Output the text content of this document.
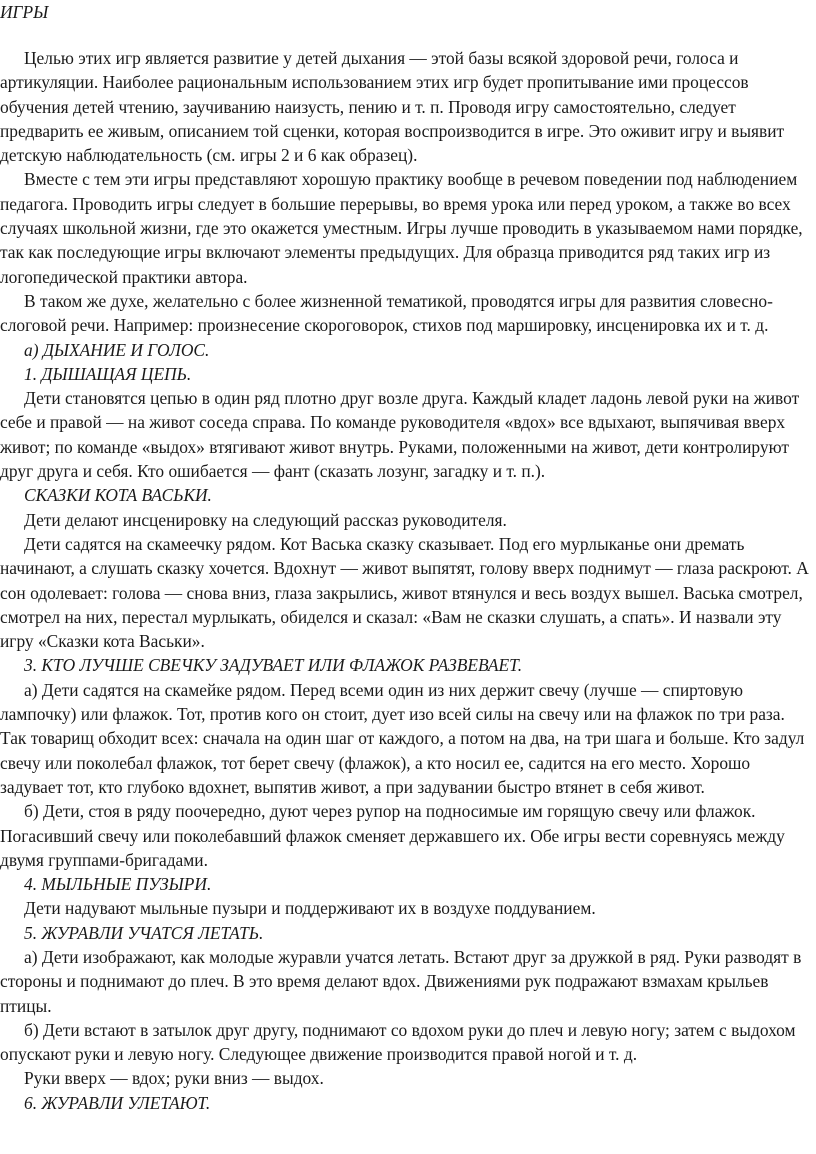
ИГРЫ

Целью этих игр является развитие у детей дыхания — этой базы всякой здоровой речи, голоса и артикуляции. Наиболее рациональным использованием этих игр будет пропитывание ими процессов обучения детей чтению, заучиванию наизусть, пению и т. п. Проводя игру самостоятельно, следует предварить ее живым, описанием той сценки, которая воспроизводится в игре. Это оживит игру и выявит детскую наблюдательность (см. игры 2 и 6 как образец).

Вместе с тем эти игры представляют хорошую практику вообще в речевом поведении под наблюдением педагога. Проводить игры следует в большие перерывы, во время урока или перед уроком, а также во всех случаях школьной жизни, где это окажется уместным. Игры лучше проводить в указываемом нами порядке, так как последующие игры включают элементы предыдущих. Для образца приводится ряд таких игр из логопедической практики автора.

В таком же духе, желательно с более жизненной тематикой, проводятся игры для развития словесно-слоговой речи. Например: произнесение скороговорок, стихов под маршировку, инсценировка их и т. д.

а) ДЫХАНИЕ И ГОЛОС.

1. ДЫШАЩАЯ ЦЕПЬ.

Дети становятся цепью в один ряд плотно друг возле друга. Каждый кладет ладонь левой руки на живот себе и правой — на живот соседа справа. По команде руководителя «вдох» все вдыхают, выпячивая вверх живот; по команде «выдох» втягивают живот внутрь. Руками, положенными на живот, дети контролируют друг друга и себя. Кто ошибается — фант (сказать лозунг, загадку и т. п.).

СКАЗКИ КОТА ВАСЬКИ.

Дети делают инсценировку на следующий рассказ руководителя.

Дети садятся на скамеечку рядом. Кот Васька сказку сказывает. Под его мурлыканье они дремать начинают, а слушать сказку хочется. Вдохнут — живот выпятят, голову вверх поднимут — глаза раскроют. А сон одолевает: голова — снова вниз, глаза закрылись, живот втянулся и весь воздух вышел. Васька смотрел, смотрел на них, перестал мурлыкать, обиделся и сказал: «Вам не сказки слушать, а спать». И назвали эту игру «Сказки кота Васьки».

3. КТО ЛУЧШЕ СВЕЧКУ ЗАДУВАЕТ ИЛИ ФЛАЖОК РАЗВЕВАЕТ.

а) Дети садятся на скамейке рядом. Перед всеми один из них держит свечу (лучше — спиртовую лампочку) или флажок. Тот, против кого он стоит, дует изо всей силы на свечу или на флажок по три раза. Так товарищ обходит всех: сначала на один шаг от каждого, а потом на два, на три шага и больше. Кто задул свечу или поколебал флажок, тот берет свечу (флажок), а кто носил ее, садится на его место. Хорошо задувает тот, кто глубоко вдохнет, выпятив живот, а при задувании быстро втянет в себя живот.

б) Дети, стоя в ряду поочередно, дуют через рупор на подносимые им горящую свечу или флажок. Погасивший свечу или поколебавший флажок сменяет державшего их. Обе игры вести соревнуясь между двумя группами-бригадами.

4. МЫЛЬНЫЕ ПУЗЫРИ.

Дети надувают мыльные пузыри и поддерживают их в воздухе поддуванием.

5. ЖУРАВЛИ УЧАТСЯ ЛЕТАТЬ.

а) Дети изображают, как молодые журавли учатся летать. Встают друг за дружкой в ряд. Руки разводят в стороны и поднимают до плеч. В это время делают вдох. Движениями рук подражают взмахам крыльев птицы.

б) Дети встают в затылок друг другу, поднимают со вдохом руки до плеч и левую ногу; затем с выдохом опускают руки и левую ногу. Следующее движение производится правой ногой и т. д.

Руки вверх — вдох; руки вниз — выдох.

6. ЖУРАВЛИ УЛЕТАЮТ.
